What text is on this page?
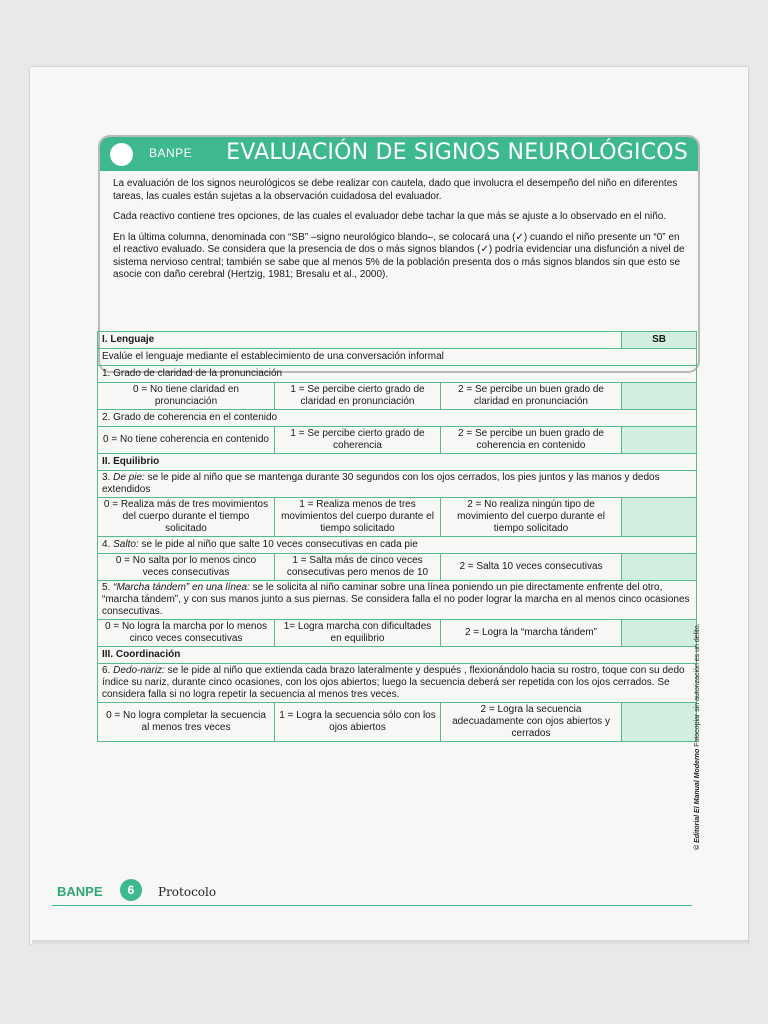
BANPE EVALUACIÓN DE SIGNOS NEUROLÓGICOS

La evaluación de los signos neurológicos se debe realizar con cautela, dado que involucra el desempeño del niño en diferentes tareas, las cuales están sujetas a la observación cuidadosa del evaluador.

Cada reactivo contiene tres opciones, de las cuales el evaluador debe tachar la que más se ajuste a lo observado en el niño.

En la última columna, denominada con “SB” –signo neurológico blando–, se colocará una (✓) cuando el niño presente un “0” en el reactivo evaluado. Se considera que la presencia de dos o más signos blandos (✓) podría evidenciar una disfunción a nivel de sistema nervioso central; también se sabe que al menos 5% de la población presenta dos o más signos blandos sin que esto se asocie con daño cerebral (Hertzig, 1981; Bresalu et al., 2000).

I. Lenguaje			SB
Evalúe el lenguaje mediante el establecimiento de una conversación informal			
1. Grado de claridad de la pronunciación			
0 = No tiene claridad en pronunciación	1 = Se percibe cierto grado de claridad en pronunciación	2 = Se percibe un buen grado de claridad en pronunciación	
2. Grado de coherencia en el contenido			
0 = No tiene coherencia en contenido	1 = Se percibe cierto grado de coherencia	2 = Se percibe un buen grado de coherencia en contenido	
II. Equilibrio			
3. De pie: se le pide al niño que se mantenga durante 30 segundos con los ojos cerrados, los pies juntos y las manos y dedos extendidos			
0 = Realiza más de tres movimientos del cuerpo durante el tiempo solicitado	1 = Realiza menos de tres movimientos del cuerpo durante el tiempo solicitado	2 = No realiza ningún tipo de movimiento del cuerpo durante el tiempo solicitado	
4. Salto: se le pide al niño que salte 10 veces consecutivas en cada pie			
0 = No salta por lo menos cinco veces consecutivas	1 = Salta más de cinco veces consecutivas pero menos de 10	2 = Salta 10 veces consecutivas	
5. “Marcha tándem” en una línea: se le solicita al niño caminar sobre una línea poniendo un pie directamente enfrente del otro, “marcha tándem”, y con sus manos junto a sus piernas. Se considera falla el no poder lograr la marcha en al menos cinco ocasiones consecutivas.			
0 = No logra la marcha por lo menos cinco veces consecutivas	1= Logra marcha con dificultades en equilibrio	2 = Logra la “marcha tándem”	
III. Coordinación			
6. Dedo-nariz: se le pide al niño que extienda cada brazo lateralmente y después , flexionándolo hacia su rostro, toque con su dedo índice su nariz, durante cinco ocasiones, con los ojos abiertos; luego la secuencia deberá ser repetida con los ojos cerrados. Se considera falla si no logra repetir la secuencia al menos tres veces.			
0 = No logra completar la secuencia al menos tres veces	1 = Logra la secuencia sólo con los ojos abiertos	2 = Logra la secuencia adecuadamente con ojos abiertos y cerrados	
© Editorial El Manual Moderno Fotocopiar sin autorización es un delito.
BANPE	6	Protocolo
